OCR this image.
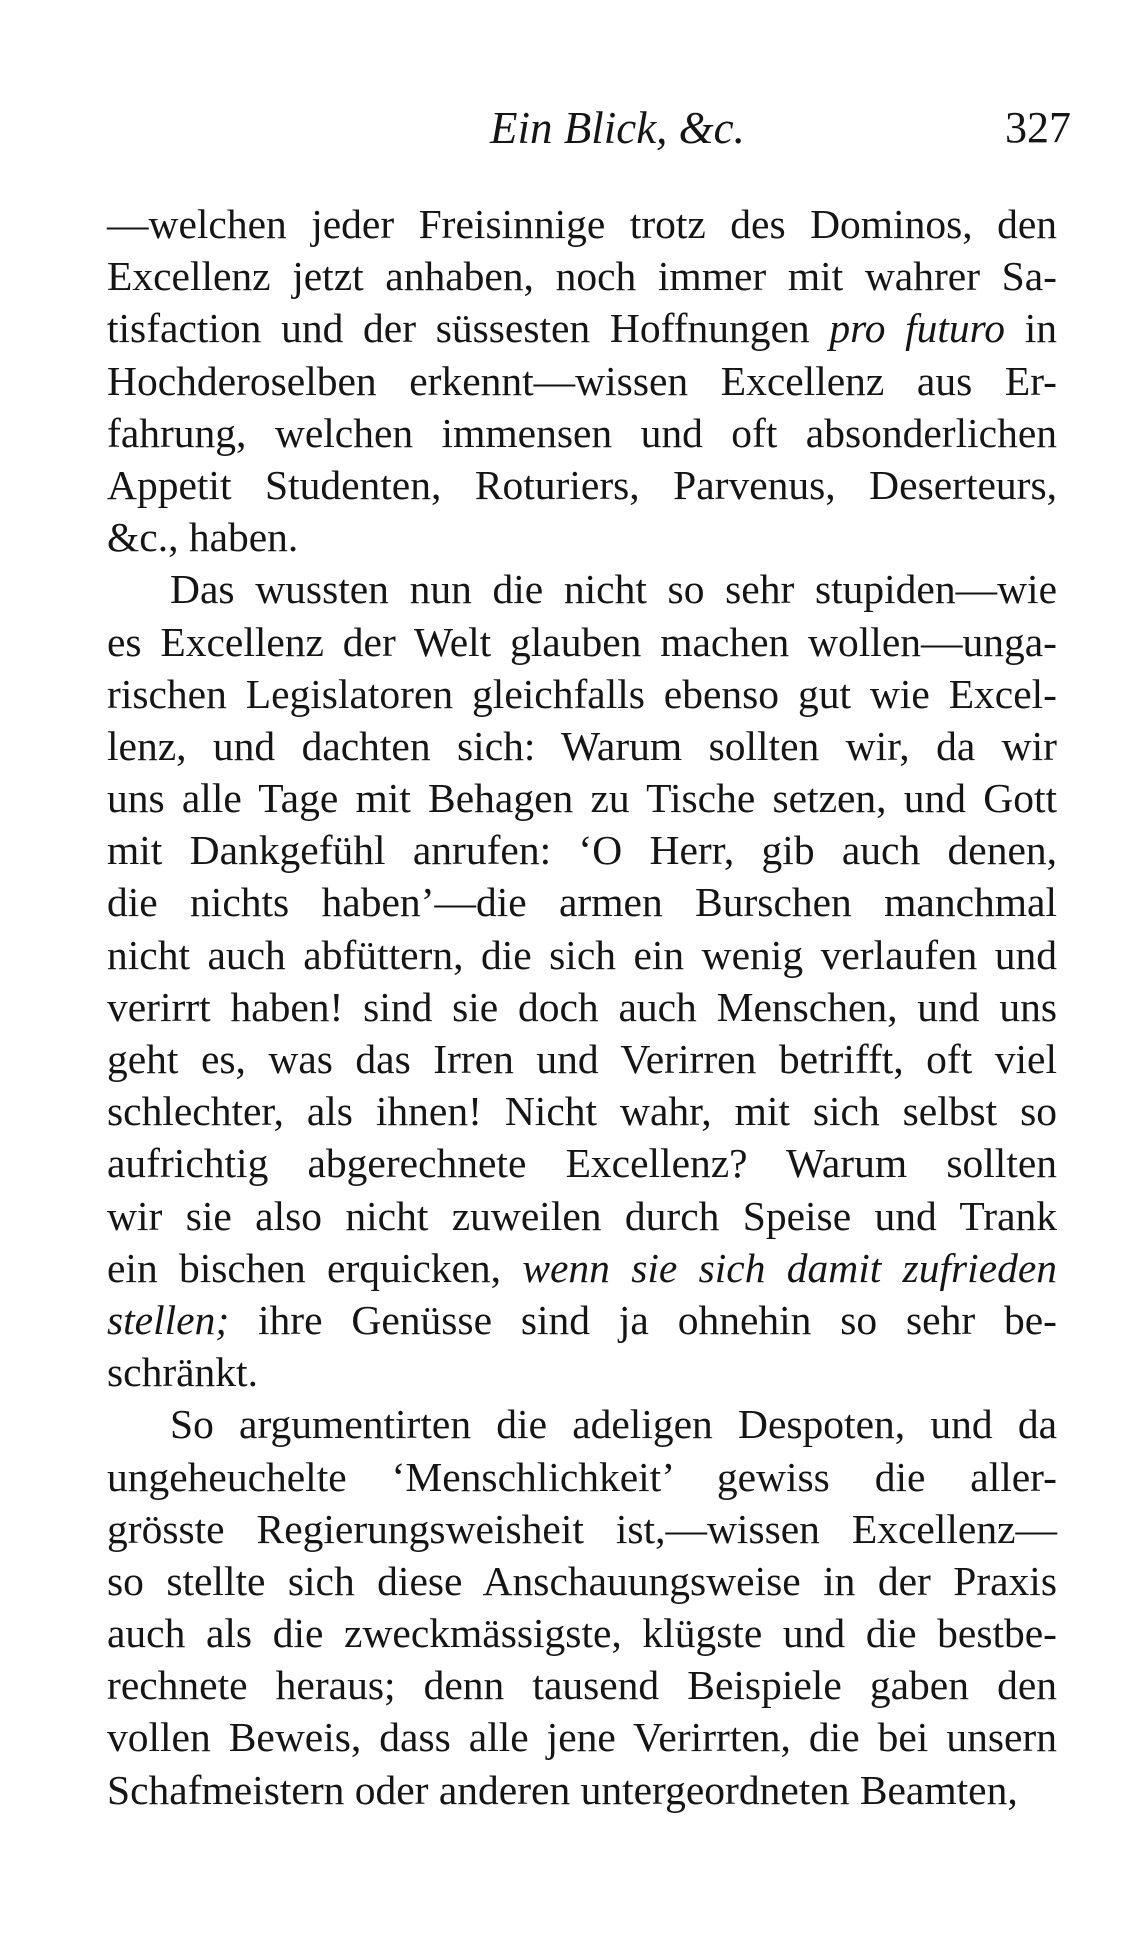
Ein Blick, &c.	327
—welchen jeder Freisinnige trotz des Dominos, den
Excellenz jetzt anhaben, noch immer mit wahrer Sa-
tisfaction und der süssesten Hoffnungen pro futuro in
Hochderoselben erkennt—wissen Excellenz aus Er-
fahrung, welchen immensen und oft absonderlichen
Appetit Studenten, Roturiers, Parvenus, Deserteurs,
&c., haben.
Das wussten nun die nicht so sehr stupiden—wie
es Excellenz der Welt glauben machen wollen—unga-
rischen Legislatoren gleichfalls ebenso gut wie Excel-
lenz, und dachten sich: Warum sollten wir, da wir
uns alle Tage mit Behagen zu Tische setzen, und Gott
mit Dankgefühl anrufen: ‘O Herr, gib auch denen,
die nichts haben’—die armen Burschen manchmal
nicht auch abfüttern, die sich ein wenig verlaufen und
verirrt haben! sind sie doch auch Menschen, und uns
geht es, was das Irren und Verirren betrifft, oft viel
schlechter, als ihnen! Nicht wahr, mit sich selbst so
aufrichtig abgerechnete Excellenz? Warum sollten
wir sie also nicht zuweilen durch Speise und Trank
ein bischen erquicken, wenn sie sich damit zufrieden
stellen; ihre Genüsse sind ja ohnehin so sehr be-
schränkt.
So argumentirten die adeligen Despoten, und da
ungeheuchelte ‘Menschlichkeit’ gewiss die aller-
grösste Regierungsweisheit ist,—wissen Excellenz—
so stellte sich diese Anschauungsweise in der Praxis
auch als die zweckmässigste, klügste und die bestbe-
rechnete heraus; denn tausend Beispiele gaben den
vollen Beweis, dass alle jene Verirrten, die bei unsern
Schafmeistern oder anderen untergeordneten Beamten,
